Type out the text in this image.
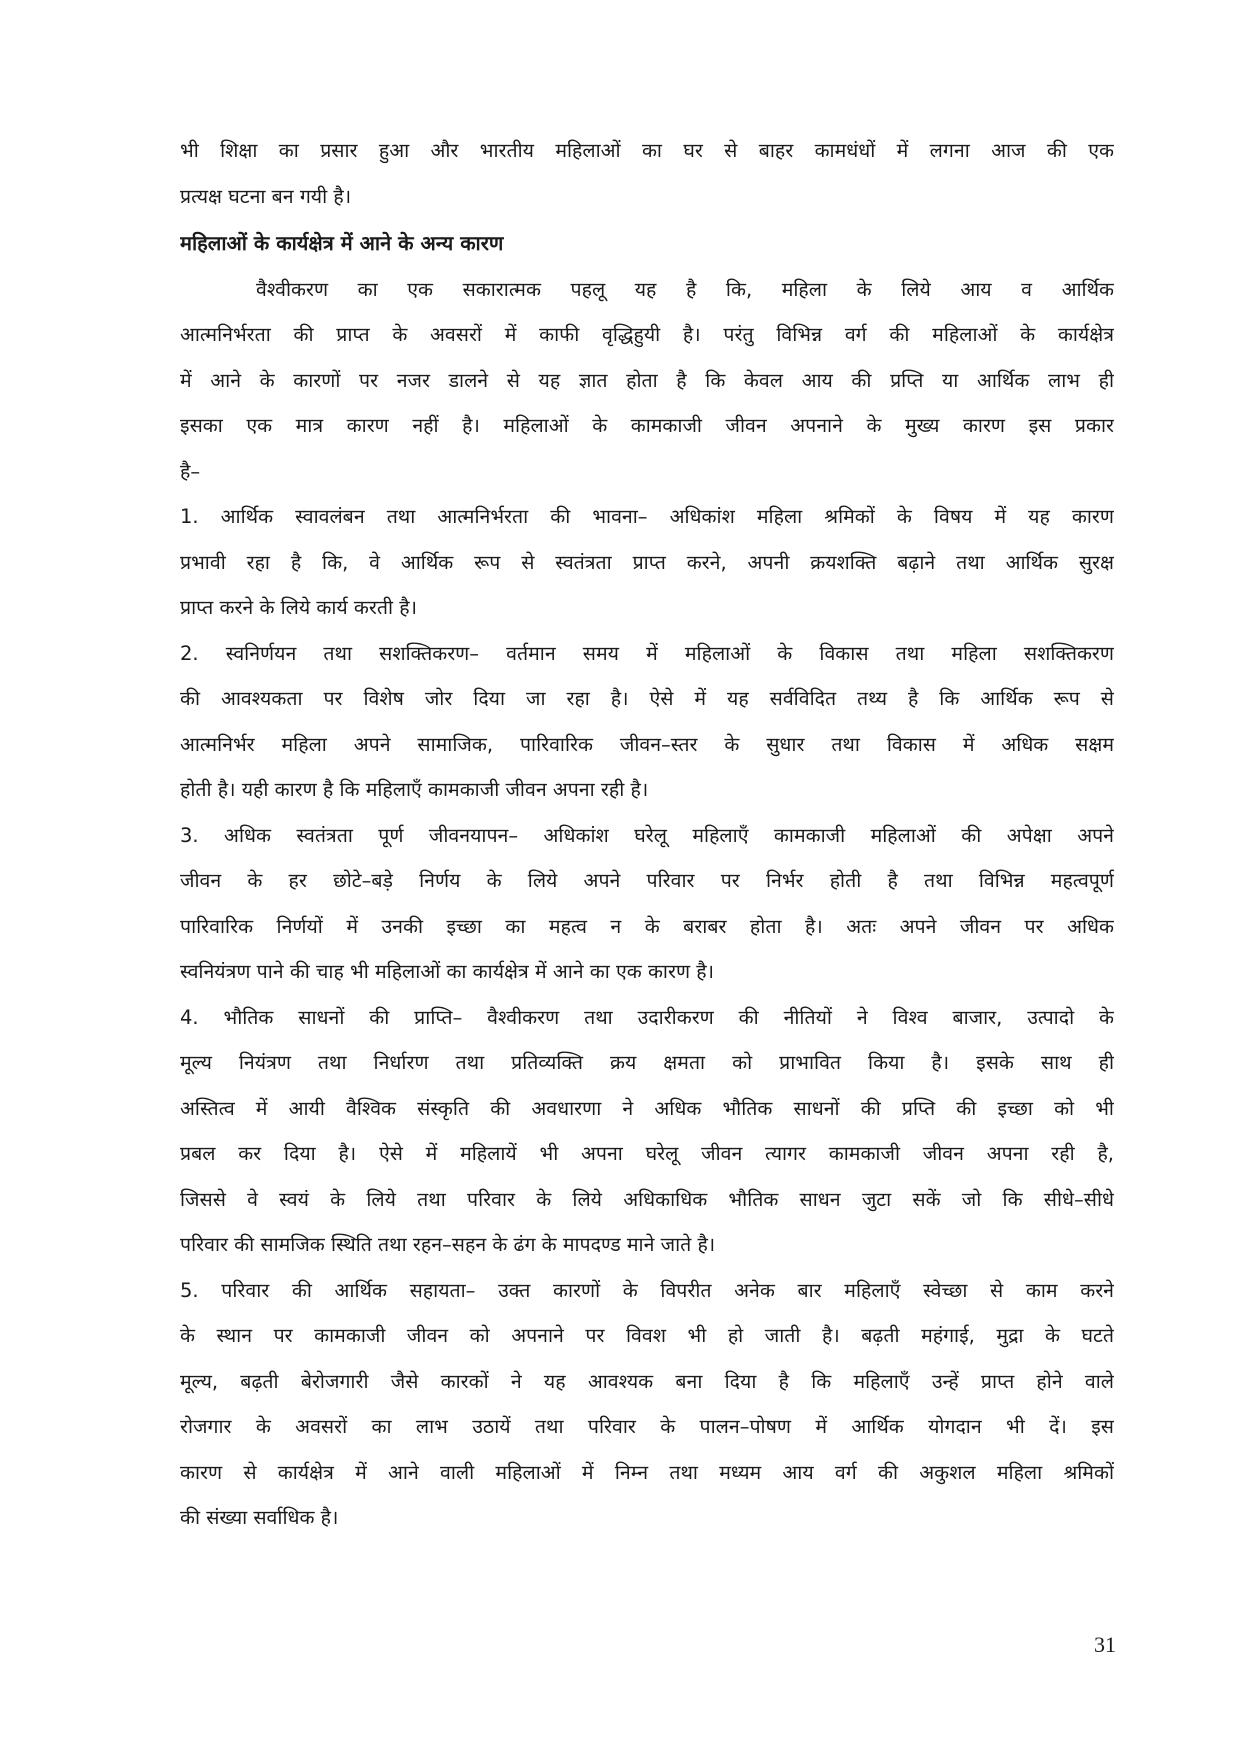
भी शिक्षा का प्रसार हुआ और भारतीय महिलाओं का घर से बाहर कामधंधों में लगना आज की एक
प्रत्यक्ष घटना बन गयी है।
महिलाओं के कार्यक्षेत्र में आने के अन्य कारण
वैश्वीकरण का एक सकारात्मक पहलू यह है कि, महिला के लिये आय व आर्थिक
आत्मनिर्भरता की प्राप्त के अवसरों में काफी वृद्धिहुयी है। परंतु विभिन्न वर्ग की महिलाओं के कार्यक्षेत्र
में आने के कारणों पर नजर डालने से यह ज्ञात होता है कि केवल आय की प्रप्ति या आर्थिक लाभ ही
इसका एक मात्र कारण नहीं है। महिलाओं के कामकाजी जीवन अपनाने के मुख्य कारण इस प्रकार
है–
1. आर्थिक स्वावलंबन तथा आत्मनिर्भरता की भावना– अधिकांश महिला श्रमिकों के विषय में यह कारण
प्रभावी रहा है कि, वे आर्थिक रूप से स्वतंत्रता प्राप्त करने, अपनी क्रयशक्ति बढ़ाने तथा आर्थिक सुरक्ष
प्राप्त करने के लिये कार्य करती है।
2. स्वनिर्णयन तथा सशक्तिकरण– वर्तमान समय में महिलाओं के विकास तथा महिला सशक्तिकरण
की आवश्यकता पर विशेष जोर दिया जा रहा है। ऐसे में यह सर्वविदित तथ्य है कि आर्थिक रूप से
आत्मनिर्भर महिला अपने सामाजिक, पारिवारिक जीवन–स्तर के सुधार तथा विकास में अधिक सक्षम
होती है। यही कारण है कि महिलाएँ कामकाजी जीवन अपना रही है।
3. अधिक स्वतंत्रता पूर्ण जीवनयापन– अधिकांश घरेलू महिलाएँ कामकाजी महिलाओं की अपेक्षा अपने
जीवन के हर छोटे–बड़े निर्णय के लिये अपने परिवार पर निर्भर होती है तथा विभिन्न महत्वपूर्ण
पारिवारिक निर्णयों में उनकी इच्छा का महत्व न के बराबर होता है। अतः अपने जीवन पर अधिक
स्वनियंत्रण पाने की चाह भी महिलाओं का कार्यक्षेत्र में आने का एक कारण है।
4. भौतिक साधनों की प्राप्ति– वैश्वीकरण तथा उदारीकरण की नीतियों ने विश्व बाजार, उत्पादो के
मूल्य नियंत्रण तथा निर्धारण तथा प्रतिव्यक्ति क्रय क्षमता को प्राभावित किया है। इसके साथ ही
अस्तित्व में आयी वैश्विक संस्कृति की अवधारणा ने अधिक भौतिक साधनों की प्रप्ति की इच्छा को भी
प्रबल कर दिया है। ऐसे में महिलायें भी अपना घरेलू जीवन त्यागर कामकाजी जीवन अपना रही है,
जिससे वे स्वयं के लिये तथा परिवार के लिये अधिकाधिक भौतिक साधन जुटा सकें जो कि सीधे–सीधे
परिवार की सामजिक स्थिति तथा रहन–सहन के ढंग के मापदण्ड माने जाते है।
5. परिवार की आर्थिक सहायता– उक्त कारणों के विपरीत अनेक बार महिलाएँ स्वेच्छा से काम करने
के स्थान पर कामकाजी जीवन को अपनाने पर विवश भी हो जाती है। बढ़ती महंगाई, मुद्रा के घटते
मूल्य, बढ़ती बेरोजगारी जैसे कारकों ने यह आवश्यक बना दिया है कि महिलाएँ उन्हें प्राप्त होने वाले
रोजगार के अवसरों का लाभ उठायें तथा परिवार के पालन–पोषण में आर्थिक योगदान भी दें। इस
कारण से कार्यक्षेत्र में आने वाली महिलाओं में निम्न तथा मध्यम आय वर्ग की अकुशल महिला श्रमिकों
की संख्या सर्वाधिक है।
31
